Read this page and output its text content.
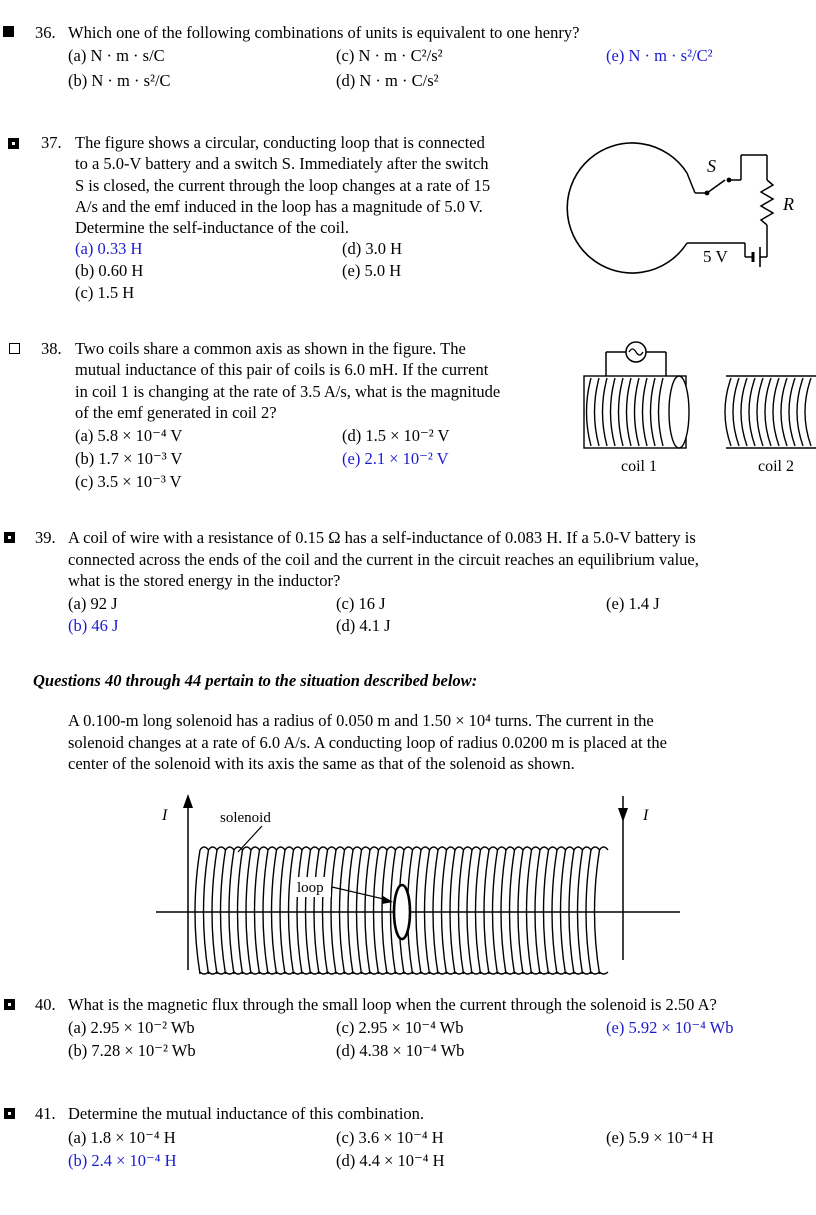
36. Which one of the following combinations of units is equivalent to one henry?
(a) N · m · s/C
(b) N · m · s²/C
(c) N · m · C²/s²
(d) N · m · C/s²
(e) N · m · s²/C²
37. The figure shows a circular, conducting loop that is connected
to a 5.0-V battery and a switch S. Immediately after the switch
S is closed, the current through the loop changes at a rate of 15
A/s and the emf induced in the loop has a magnitude of 5.0 V.
Determine the self-inductance of the coil.
(a) 0.33 H
(b) 0.60 H
(c) 1.5 H
(d) 3.0 H
(e) 5.0 H
S
R
5 V
38. Two coils share a common axis as shown in the figure. The
mutual inductance of this pair of coils is 6.0 mH. If the current
in coil 1 is changing at the rate of 3.5 A/s, what is the magnitude
of the emf generated in coil 2?
(a) 5.8 × 10⁻⁴ V
(b) 1.7 × 10⁻³ V
(c) 3.5 × 10⁻³ V
(d) 1.5 × 10⁻² V
(e) 2.1 × 10⁻² V	coil 1	coil 2
39. A coil of wire with a resistance of 0.15 Ω has a self-inductance of 0.083 H. If a 5.0-V battery is
connected across the ends of the coil and the current in the circuit reaches an equilibrium value,
what is the stored energy in the inductor?
(a) 92 J
(b) 46 J
(c) 16 J
(d) 4.1 J
(e) 1.4 J
Questions 40 through 44 pertain to the situation described below:
A 0.100-m long solenoid has a radius of 0.050 m and 1.50 × 10⁴ turns. The current in the
solenoid changes at a rate of 6.0 A/s. A conducting loop of radius 0.0200 m is placed at the
center of the solenoid with its axis the same as that of the solenoid as shown.
I	I
solenoid
loop
40. What is the magnetic flux through the small loop when the current through the solenoid is 2.50 A?
(a) 2.95 × 10⁻² Wb
(b) 7.28 × 10⁻² Wb
(c) 2.95 × 10⁻⁴ Wb
(d) 4.38 × 10⁻⁴ Wb
(e) 5.92 × 10⁻⁴ Wb
41. Determine the mutual inductance of this combination.
(a) 1.8 × 10⁻⁴ H
(b) 2.4 × 10⁻⁴ H
(c) 3.6 × 10⁻⁴ H
(d) 4.4 × 10⁻⁴ H
(e) 5.9 × 10⁻⁴ H
